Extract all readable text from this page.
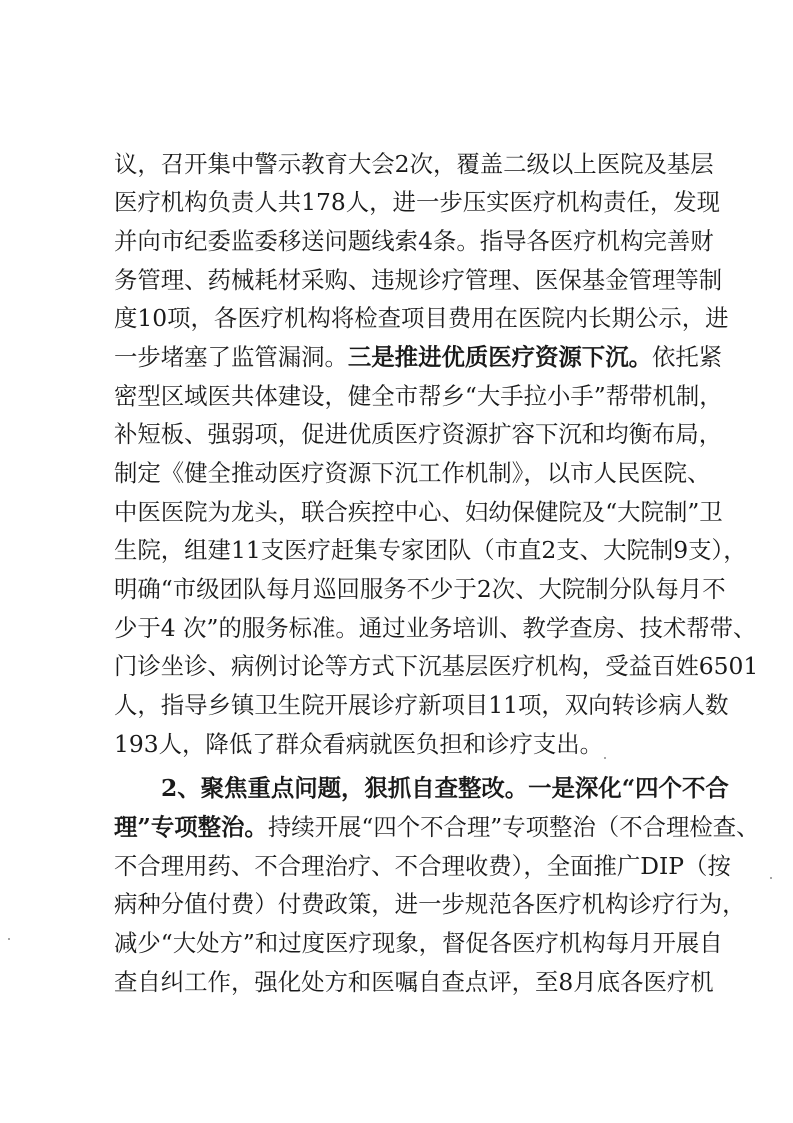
议，召开集中警示教育大会2次，覆盖二级以上医院及基层
医疗机构负责人共178人，进一步压实医疗机构责任，发现
并向市纪委监委移送问题线索4条。指导各医疗机构完善财
务管理、药械耗材采购、违规诊疗管理、医保基金管理等制
度10项，各医疗机构将检查项目费用在医院内长期公示，进
一步堵塞了监管漏洞。三是推进优质医疗资源下沉。依托紧
密型区域医共体建设，健全市帮乡“大手拉小手”帮带机制，
补短板、强弱项，促进优质医疗资源扩容下沉和均衡布局，
制定《健全推动医疗资源下沉工作机制》，以市人民医院、
中医医院为龙头，联合疾控中心、妇幼保健院及“大院制”卫
生院，组建11支医疗赶集专家团队（市直2支、大院制9支），
明确“市级团队每月巡回服务不少于2次、大院制分队每月不
少于4 次”的服务标准。通过业务培训、教学查房、技术帮带、
门诊坐诊、病例讨论等方式下沉基层医疗机构，受益百姓6501
人，指导乡镇卫生院开展诊疗新项目11项，双向转诊病人数
193人，降低了群众看病就医负担和诊疗支出。
2、聚焦重点问题，狠抓自查整改。一是深化“四个不合
理”专项整治。持续开展“四个不合理”专项整治（不合理检查、
不合理用药、不合理治疗、不合理收费），全面推广DIP（按
病种分值付费）付费政策，进一步规范各医疗机构诊疗行为，
减少“大处方”和过度医疗现象，督促各医疗机构每月开展自
查自纠工作，强化处方和医嘱自查点评，至8月底各医疗机
